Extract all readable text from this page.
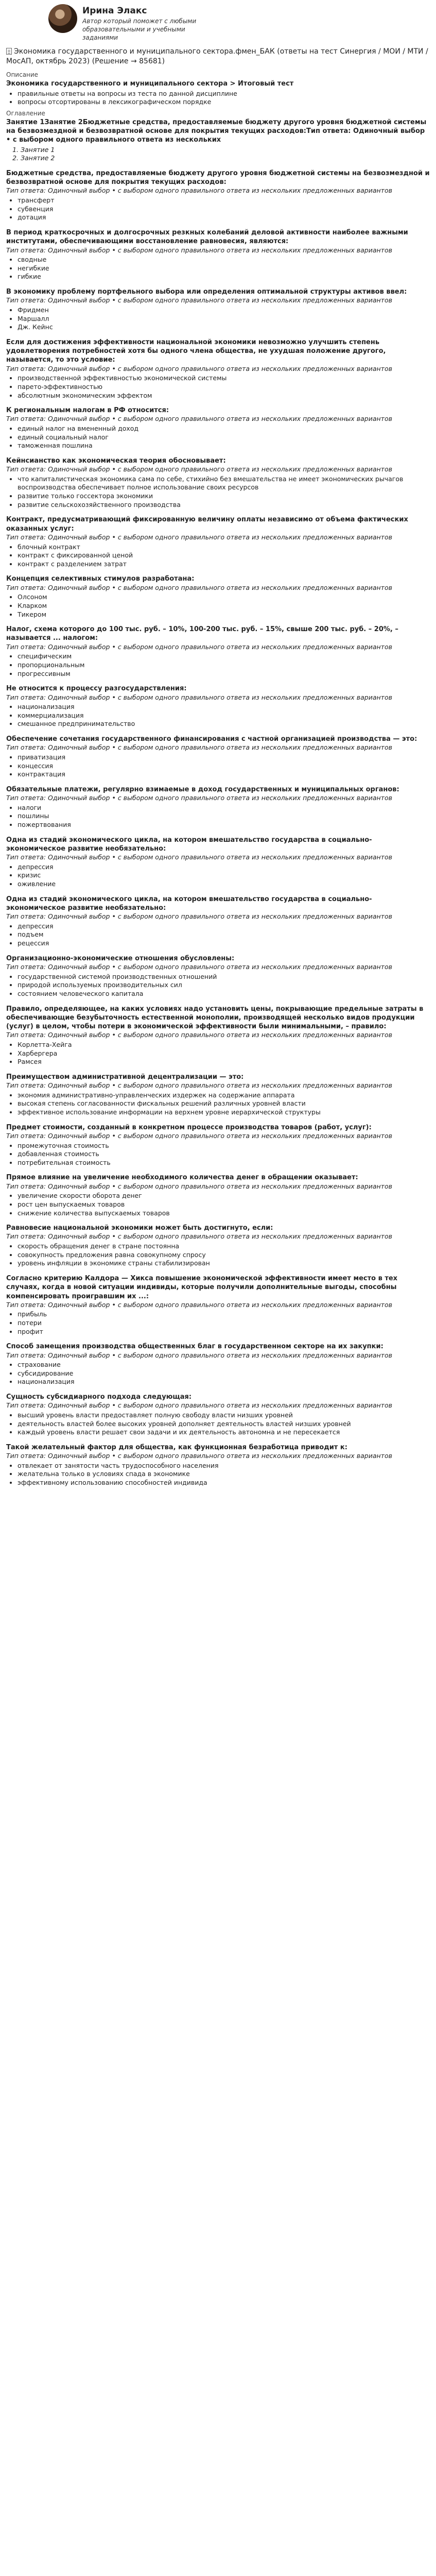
Ирина Элакс
Автор который поможет с любыми образовательными и учебными заданиями
Экономика государственного и муниципального сектора.фмен_БАК (ответы на тест Синергия / МОИ / МТИ / МосАП, октябрь 2023) (Решение → 85681)
Описание
Экономика государственного и муниципального сектора > Итоговый тест
• правильные ответы на вопросы из теста по данной дисциплине
• вопросы отсортированы в лексикографическом порядке
Оглавление
Занятие 1Занятие 2Бюджетные средства, предоставляемые бюджету другого уровня бюджетной системы на безвозмездной и безвозвратной основе для покрытия текущих расходов:Тип ответа: Одиночный выбор • с выбором одного правильного ответа из нескольких
1. Занятие 1
2. Занятие 2
Бюджетные средства, предоставляемые бюджету другого уровня бюджетной системы на безвозмездной и безвозвратной основе для покрытия текущих расходов:
Тип ответа: Одиночный выбор • с выбором одного правильного ответа из нескольких предложенных вариантов
• трансферт
• субвенция
• дотация
В период краткосрочных и долгосрочных резкных колебаний деловой активности наиболее важными институтами, обеспечивающими восстановление равновесия, являются:
Тип ответа: Одиночный выбор • с выбором одного правильного ответа из нескольких предложенных вариантов
• сводные
• негибкие
• гибкие
В экономику проблему портфельного выбора или определения оптимальной структуры активов ввел:
Тип ответа: Одиночный выбор • с выбором одного правильного ответа из нескольких предложенных вариантов
• Фридмен
• Маршалл
• Дж. Кейнс
Если для достижения эффективности национальной экономики невозможно улучшить степень удовлетворения потребностей хотя бы одного члена общества, не ухудшая положение другого, называется, то это условие:
Тип ответа: Одиночный выбор • с выбором одного правильного ответа из нескольких предложенных вариантов
• производственной эффективностью экономической системы
• парето-эффективностью
• абсолютным экономическим эффектом
К региональным налогам в РФ относится:
Тип ответа: Одиночный выбор • с выбором одного правильного ответа из нескольких предложенных вариантов
• единый налог на вмененный доход
• единый социальный налог
• таможенная пошлина
Кейнсианство как экономическая теория обосновывает:
Тип ответа: Одиночный выбор • с выбором одного правильного ответа из нескольких предложенных вариантов
• что капиталистическая экономика сама по себе, стихийно без вмешательства не имеет экономических рычагов воспроизводства обеспечивает полное использование своих ресурсов
• развитие только госсектора экономики
• развитие сельскохозяйственного производства
Контракт, предусматривающий фиксированную величину оплаты независимо от объема фактических оказанных услуг:
Тип ответа: Одиночный выбор • с выбором одного правильного ответа из нескольких предложенных вариантов
• блочный контракт
• контракт с фиксированной ценой
• контракт с разделением затрат
Концепция селективных стимулов разработана:
Тип ответа: Одиночный выбор • с выбором одного правильного ответа из нескольких предложенных вариантов
• Олсоном
• Кларком
• Тикером
Налог, схема которого до 100 тыс. руб. – 10%, 100-200 тыс. руб. – 15%, свыше 200 тыс. руб. – 20%, – называется ... налогом:
Тип ответа: Одиночный выбор • с выбором одного правильного ответа из нескольких предложенных вариантов
• специфическим
• пропорциональным
• прогрессивным
Не относится к процессу разгосударствления:
Тип ответа: Одиночный выбор • с выбором одного правильного ответа из нескольких предложенных вариантов
• национализация
• коммерциализация
• смешанное предпринимательство
Обеспечение сочетания государственного финансирования с частной организацией производства — это:
Тип ответа: Одиночный выбор • с выбором одного правильного ответа из нескольких предложенных вариантов
• приватизация
• концессия
• контрактация
Обязательные платежи, регулярно взимаемые в доход государственных и муниципальных органов:
Тип ответа: Одиночный выбор • с выбором одного правильного ответа из нескольких предложенных вариантов
• налоги
• пошлины
• пожертвования
Одна из стадий экономического цикла, на котором вмешательство государства в социально-экономическое развитие необязательно:
Тип ответа: Одиночный выбор • с выбором одного правильного ответа из нескольких предложенных вариантов
• депрессия
• кризис
• оживление
Одна из стадий экономического цикла, на котором вмешательство государства в социально-экономическое развитие необязательно:
Тип ответа: Одиночный выбор • с выбором одного правильного ответа из нескольких предложенных вариантов
• депрессия
• подъем
• рецессия
Организационно-экономические отношения обусловлены:
Тип ответа: Одиночный выбор • с выбором одного правильного ответа из нескольких предложенных вариантов
• государственной системой производственных отношений
• природой используемых производительных сил
• состоянием человеческого капитала
Правило, определяющее, на каких условиях надо установить цены, покрывающие предельные затраты в обеспечивающие безубыточность естественной монополии, производящей несколько видов продукции (услуг) в целом, чтобы потери в экономической эффективности были минимальными, – правило:
Тип ответа: Одиночный выбор • с выбором одного правильного ответа из нескольких предложенных вариантов
• Корлетта-Хейга
• Харбергера
• Рамсея
Преимуществом административной децентрализации — это:
Тип ответа: Одиночный выбор • с выбором одного правильного ответа из нескольких предложенных вариантов
• экономия административно-управленческих издержек на содержание аппарата
• высокая степень согласованности фискальных решений различных уровней власти
• эффективное использование информации на верхнем уровне иерархической структуры
Предмет стоимости, созданный в конкретном процессе производства товаров (работ, услуг):
Тип ответа: Одиночный выбор • с выбором одного правильного ответа из нескольких предложенных вариантов
• промежуточная стоимость
• добавленная стоимость
• потребительная стоимость
Прямое влияние на увеличение необходимого количества денег в обращении оказывает:
Тип ответа: Одиночный выбор • с выбором одного правильного ответа из нескольких предложенных вариантов
• увеличение скорости оборота денег
• рост цен выпускаемых товаров
• снижение количества выпускаемых товаров
Равновесие национальной экономики может быть достигнуто, если:
Тип ответа: Одиночный выбор • с выбором одного правильного ответа из нескольких предложенных вариантов
• скорость обращения денег в стране постоянна
• совокупность предложения равна совокупному спросу
• уровень инфляции в экономике страны стабилизирован
Согласно критерию Калдора — Хикса повышение экономической эффективности имеет место в тех случаях, когда в новой ситуации индивиды, которые получили дополнительные выгоды, способны компенсировать проигравшим их ...:
Тип ответа: Одиночный выбор • с выбором одного правильного ответа из нескольких предложенных вариантов
• прибыль
• потери
• профит
Способ замещения производства общественных благ в государственном секторе на их закупки:
Тип ответа: Одиночный выбор • с выбором одного правильного ответа из нескольких предложенных вариантов
• страхование
• субсидирование
• национализация
Сущность субсидиарного подхода следующая:
Тип ответа: Одиночный выбор • с выбором одного правильного ответа из нескольких предложенных вариантов
• высший уровень власти предоставляет полную свободу власти низших уровней
• деятельность властей более высоких уровней дополняет деятельность властей низших уровней
• каждый уровень власти решает свои задачи и их деятельность автономна и не пересекается
Такой желательный фактор для общества, как функционная безработица приводит к:
Тип ответа: Одиночный выбор • с выбором одного правильного ответа из нескольких предложенных вариантов
• отвлекает от занятости часть трудоспособного населения
• желательна только в условиях спада в экономике
• эффективному использованию способностей индивида
